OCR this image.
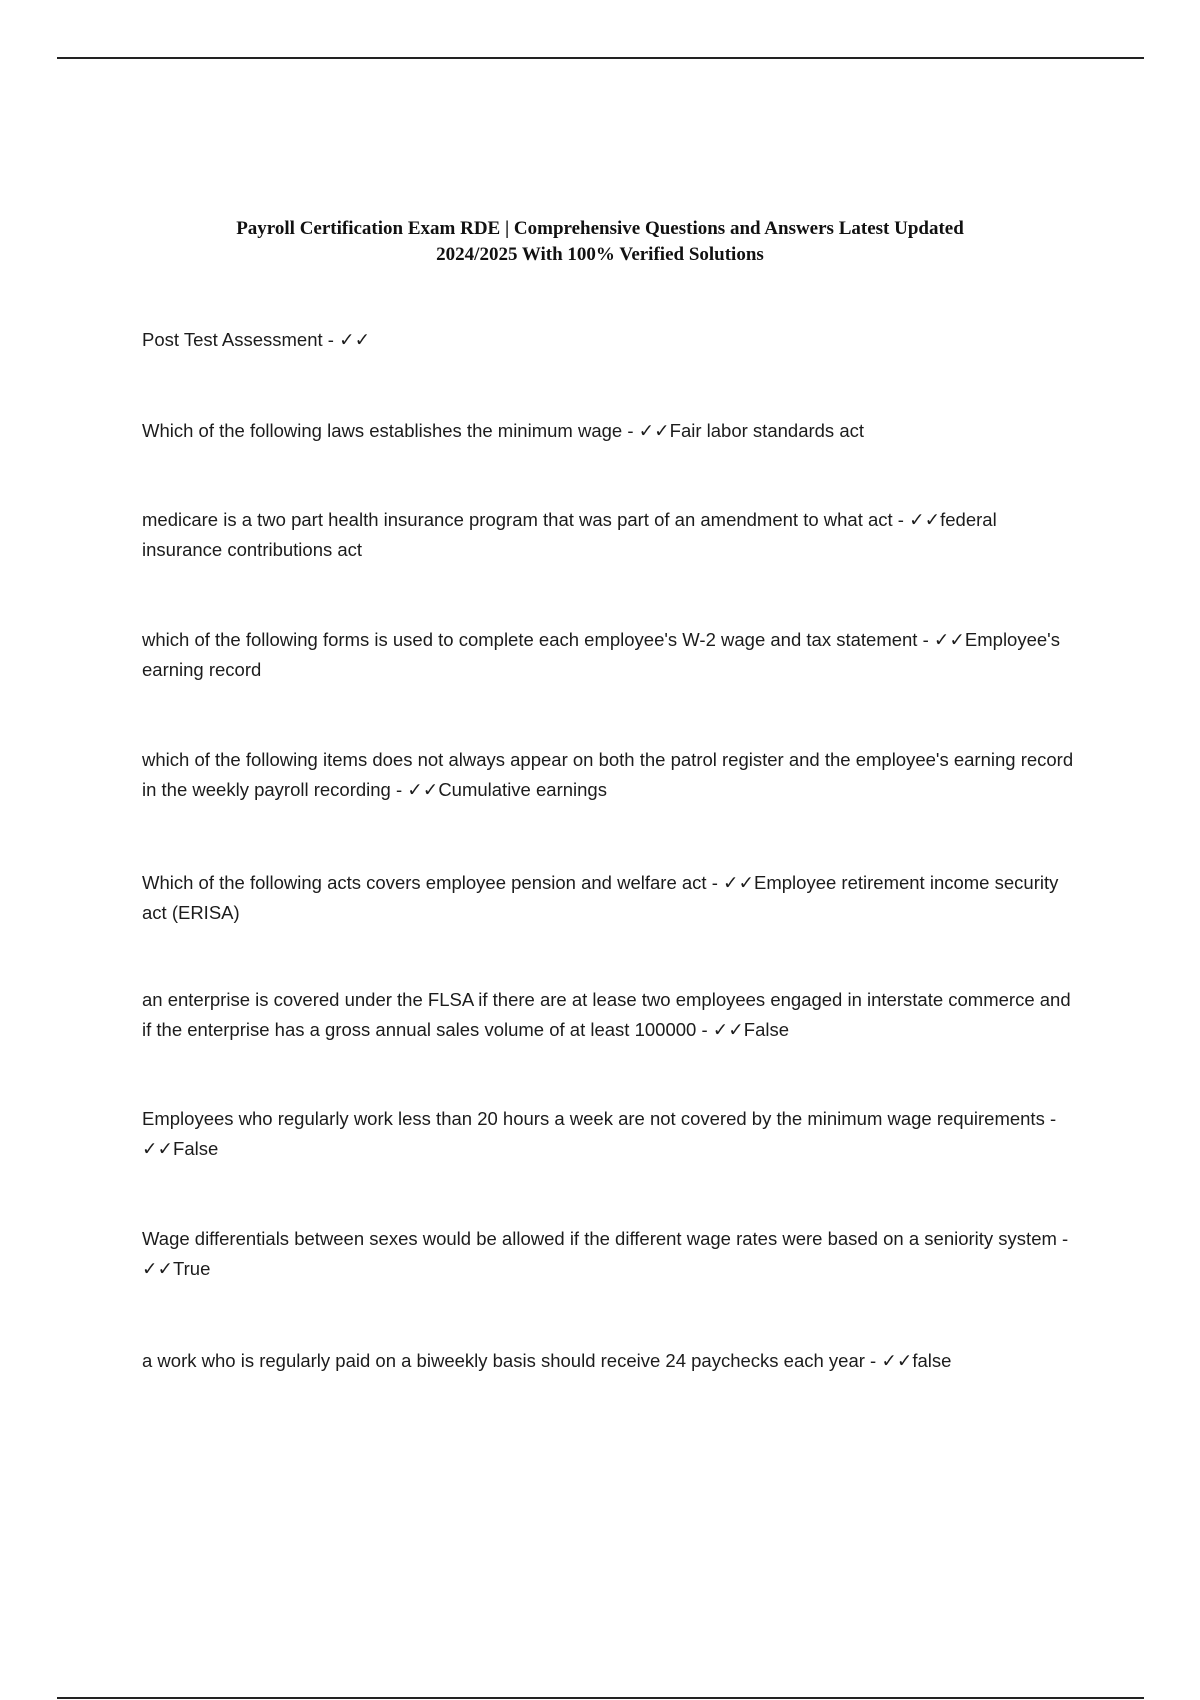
Payroll Certification Exam RDE | Comprehensive Questions and Answers Latest Updated
2024/2025 With 100% Verified Solutions
Post Test Assessment - ✓✓
Which of the following laws establishes the minimum wage - ✓✓Fair labor standards act
medicare is a two part health insurance program that was part of an amendment to what act - ✓✓federal insurance contributions act
which of the following forms is used to complete each employee's W-2 wage and tax statement - ✓✓Employee's earning record
which of the following items does not always appear on both the patrol register and the employee's earning record in the weekly payroll recording - ✓✓Cumulative earnings
Which of the following acts covers employee pension and welfare act - ✓✓Employee retirement income security act (ERISA)
an enterprise is covered under the FLSA if there are at lease two employees engaged in interstate commerce and if the enterprise has a gross annual sales volume of at least 100000 - ✓✓False
Employees who regularly work less than 20 hours a week are not covered by the minimum wage requirements - ✓✓False
Wage differentials between sexes would be allowed if the different wage rates were based on a seniority system - ✓✓True
a work who is regularly paid on a biweekly basis should receive 24 paychecks each year - ✓✓false
